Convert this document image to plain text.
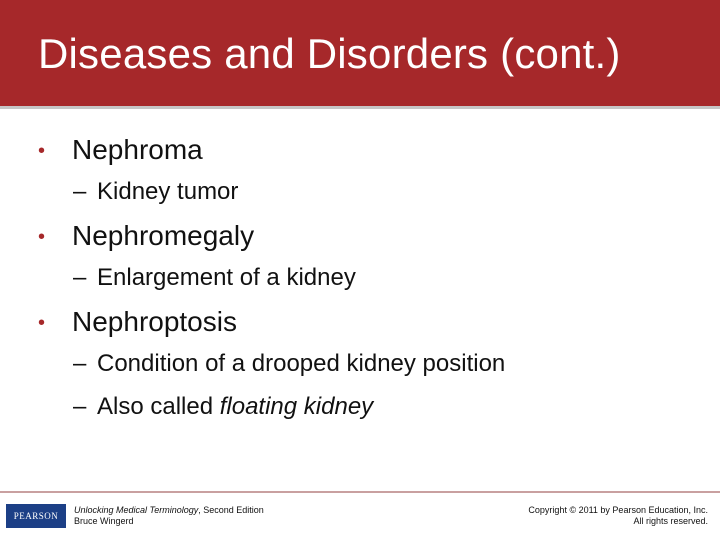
Diseases and Disorders (cont.)
• Nephroma
– Kidney tumor
• Nephromegaly
– Enlargement of a kidney
• Nephroptosis
– Condition of a drooped kidney position
– Also called floating kidney
PEARSON
Unlocking Medical Terminology, Second Edition
Bruce Wingerd
Copyright © 2011 by Pearson Education, Inc.
All rights reserved.
